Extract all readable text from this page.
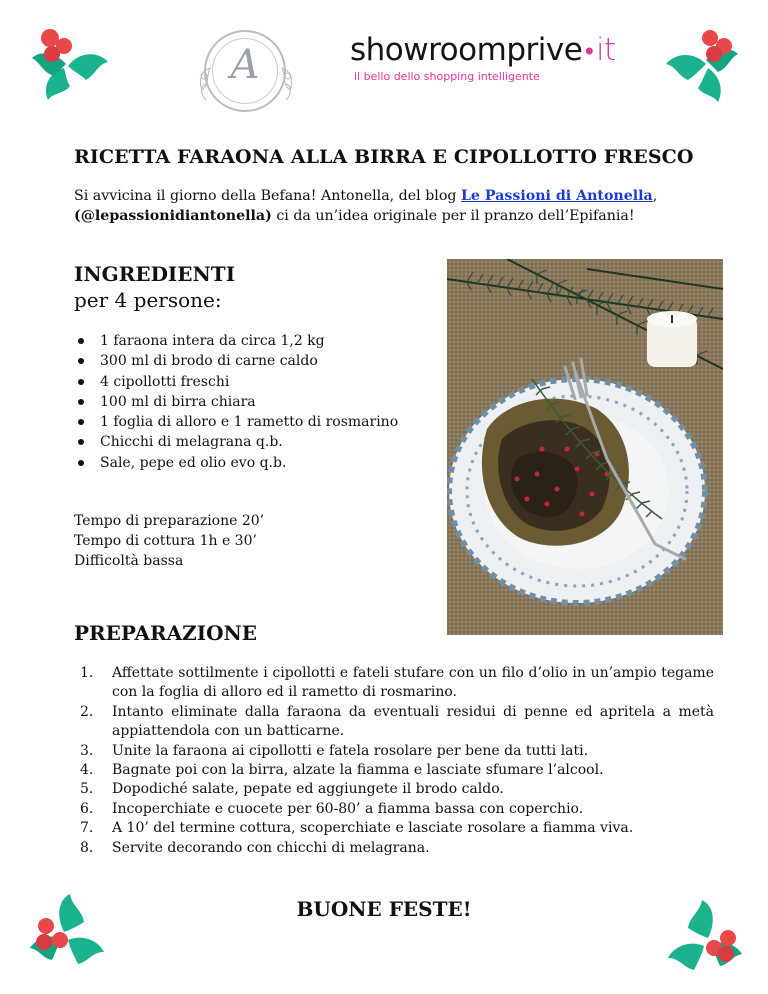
A	showroomprive•it
il bello dello shopping intelligente
RICETTA FARAONA ALLA BIRRA E CIPOLLOTTO FRESCO
Si avvicina il giorno della Befana! Antonella, del blog Le Passioni di Antonella,
(@lepassionidiantonella) ci da un’idea originale per il pranzo dell’Epifania!
INGREDIENTI
per 4 persone:
1 faraona intera da circa 1,2 kg
300 ml di brodo di carne caldo
4 cipollotti freschi
100 ml di birra chiara
1 foglia di alloro e 1 rametto di rosmarino
Chicchi di melagrana q.b.
Sale, pepe ed olio evo q.b.
Tempo di preparazione 20’
Tempo di cottura 1h e 30’
Difficoltà bassa
PREPARAZIONE
1. Affettate sottilmente i cipollotti e fateli stufare con un filo d’olio in un’ampio tegame con la foglia di alloro ed il rametto di rosmarino.
2. Intanto eliminate dalla faraona da eventuali residui di penne ed apritela a metà appiattendola con un batticarne.
3. Unite la faraona ai cipollotti e fatela rosolare per bene da tutti lati.
4. Bagnate poi con la birra, alzate la fiamma e lasciate sfumare l’alcool.
5. Dopodiché salate, pepate ed aggiungete il brodo caldo.
6. Incoperchiate e cuocete per 60-80’ a fiamma bassa con coperchio.
7. A 10’ del termine cottura, scoperchiate e lasciate rosolare a fiamma viva.
8. Servite decorando con chicchi di melagrana.
BUONE FESTE!
